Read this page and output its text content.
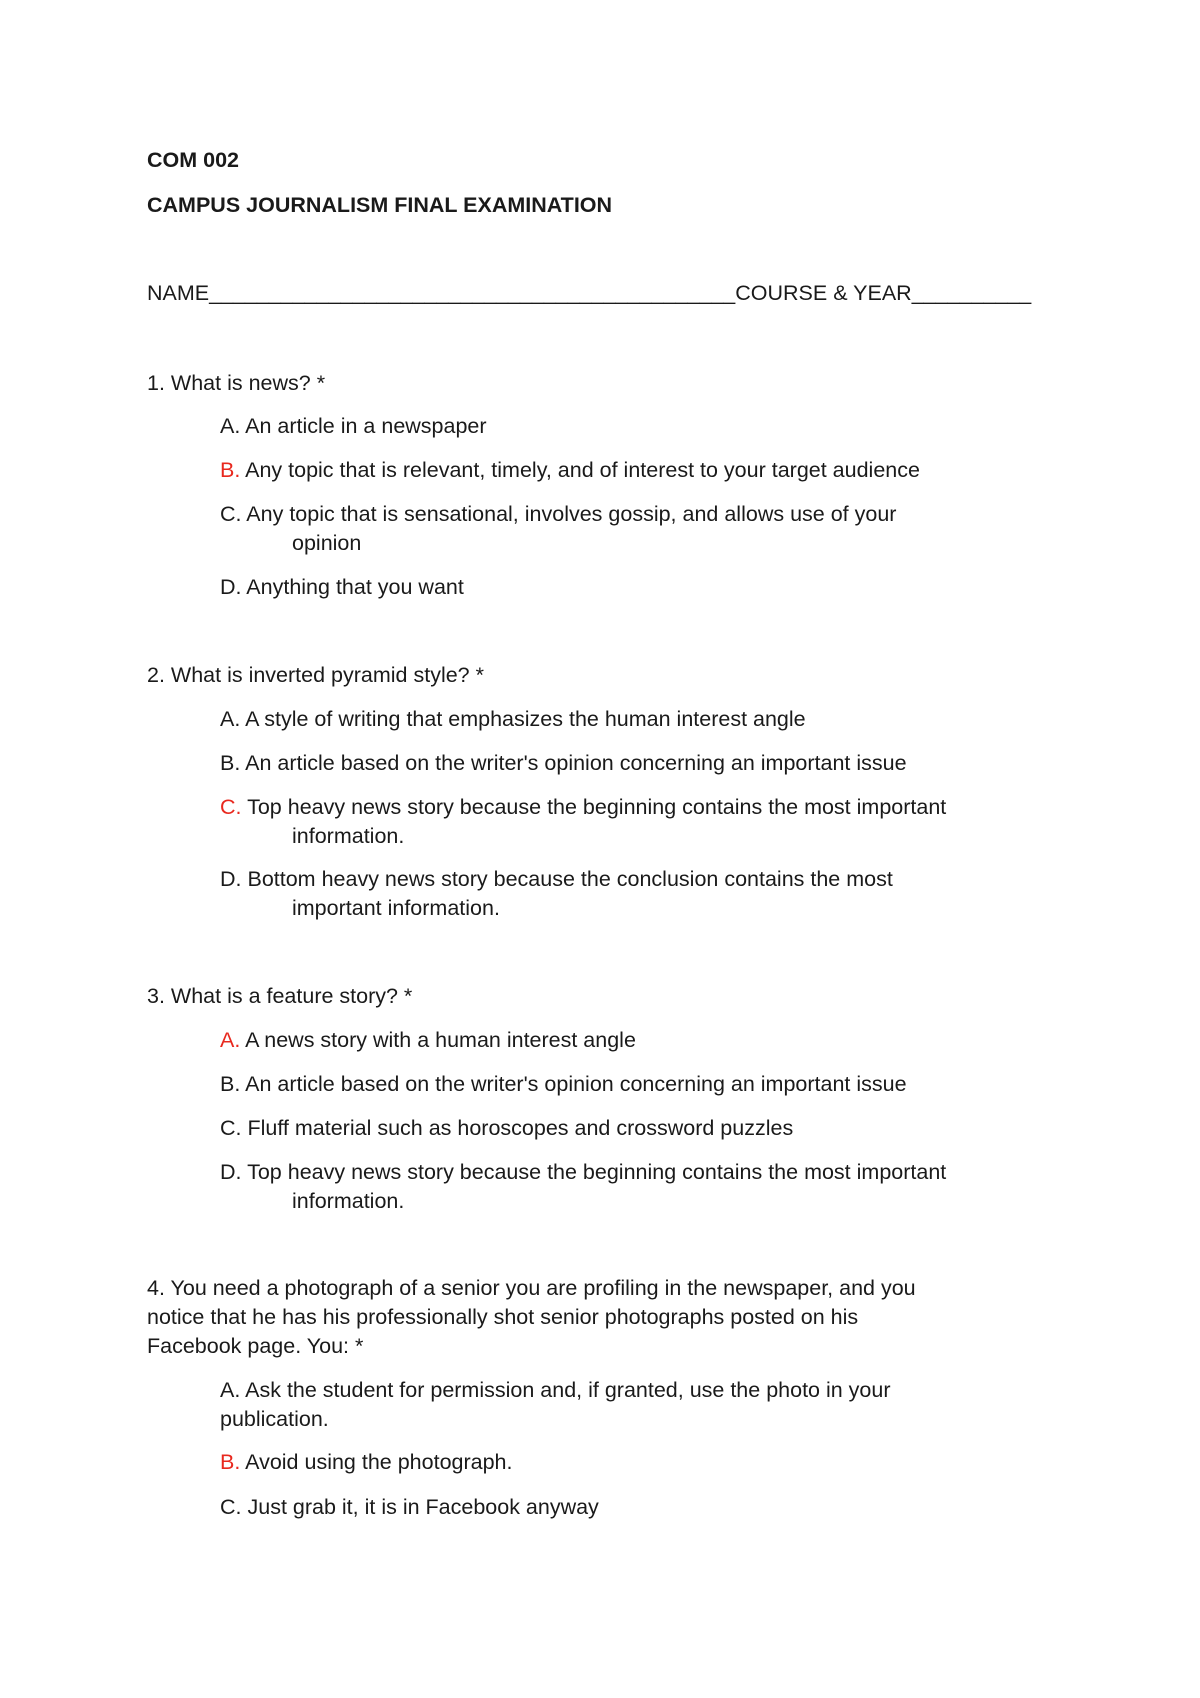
COM 002
CAMPUS JOURNALISM FINAL EXAMINATION
NAME____________________________________________COURSE & YEAR__________
1. What is news? *
A. An article in a newspaper
B. Any topic that is relevant, timely, and of interest to your target audience
C. Any topic that is sensational, involves gossip, and allows use of your
opinion
D. Anything that you want
2. What is inverted pyramid style? *
A. A style of writing that emphasizes the human interest angle
B. An article based on the writer's opinion concerning an important issue
C. Top heavy news story because the beginning contains the most important
information.
D. Bottom heavy news story because the conclusion contains the most
important information.
3. What is a feature story? *
A. A news story with a human interest angle
B. An article based on the writer's opinion concerning an important issue
C. Fluff material such as horoscopes and crossword puzzles
D. Top heavy news story because the beginning contains the most important
information.
4. You need a photograph of a senior you are profiling in the newspaper, and you
notice that he has his professionally shot senior photographs posted on his
Facebook page. You: *
A. Ask the student for permission and, if granted, use the photo in your
publication.
B. Avoid using the photograph.
C. Just grab it, it is in Facebook anyway
